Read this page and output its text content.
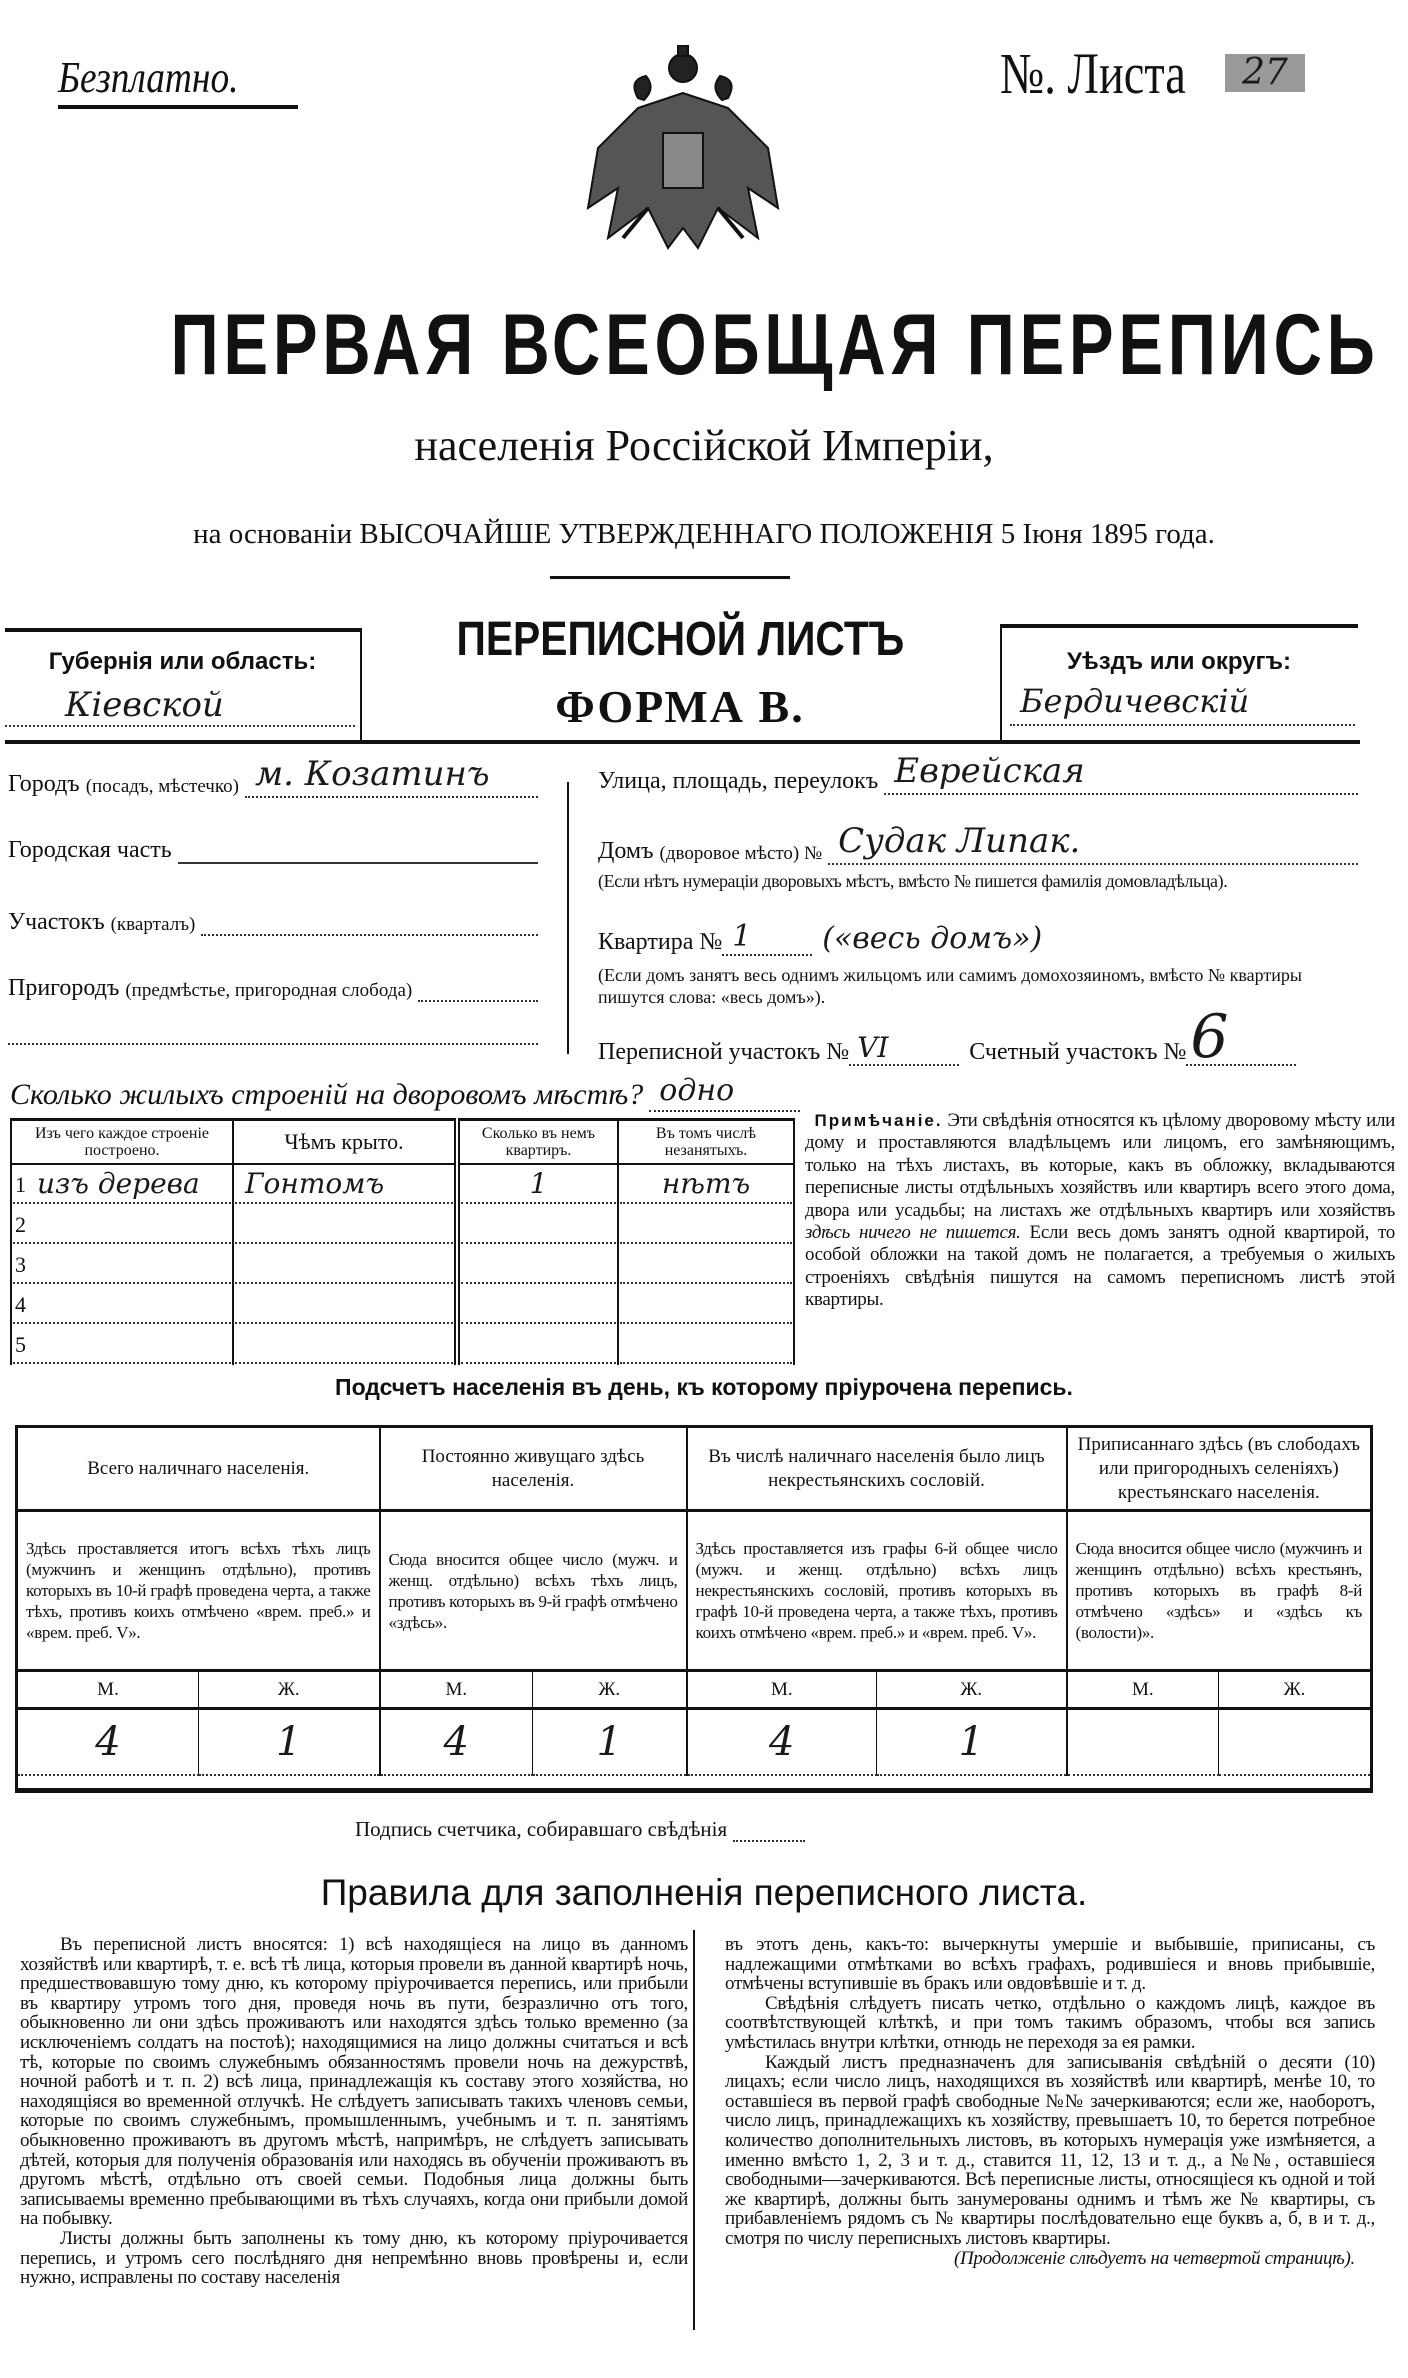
Безплатно.	№. Листа	27
ПЕРВАЯ ВСЕОБЩАЯ ПЕРЕПИСЬ
населенія Россійской Имперіи,
на основаніи ВЫСОЧАЙШЕ УТВЕРЖДЕННАГО ПОЛОЖЕНІЯ 5 Іюня 1895 года.
Губернія или область:
Кіевской
ПЕРЕПИСНОЙ ЛИСТЪ
ФОРМА В.
Уѣздъ или округъ:
Бердичевскій
Городъ
(посадъ, мѣстечко) м. Козатинъ
Городская часть
Участокъ
(кварталъ)
Пригородъ
(предмѣстье, пригородная слобода)
Улица, площадь, переулокъ Еврейская
Домъ
(дворовое мѣсто) № Судак Липак.
(Если нѣтъ нумераціи дворовыхъ мѣстъ, вмѣсто № пишется фамилія домовладѣльца).
Квартира № 1	(«весь домъ»)
(Если домъ занятъ весь однимъ жильцомъ или самимъ домохозяиномъ, вмѣсто № квартиры пишутся слова: «весь домъ»).
Переписной участокъ № VI	Счетный участокъ № 6
Сколько жилыхъ строеній на дворовомъ мѣстѣ? одно
Изъ чего каждое строеніе построено.	Чѣмъ крыто.	Сколько въ немъ квартиръ.	Въ томъ числѣ незанятыхъ.

1 изъ дерева	Гонтомъ	1	нѣтъ

2			

3			

4			

5			

Примѣчаніе. Эти свѣдѣнія относятся къ цѣлому дворовому мѣсту или дому и проставляются владѣльцемъ или лицомъ, его замѣняющимъ, только на тѣхъ листахъ, въ которые, какъ въ обложку, вкладываются переписные листы отдѣльныхъ хозяйствъ или квартиръ всего этого дома, двора или усадьбы; на листахъ же отдѣльныхъ квартиръ или хозяйствъ здѣсь ничего не пишется. Если весь домъ занятъ одной квартирой, то особой обложки на такой домъ не полагается, а требуемыя о жилыхъ строеніяхъ свѣдѣнія пишутся на самомъ переписномъ листѣ этой квартиры.
Подсчетъ населенія въ день, къ которому пріурочена перепись.
Всего наличнаго населенія.		Постоянно живущаго здѣсь населенія.		Въ числѣ наличнаго населенія было лицъ некрестьянскихъ сословій.		Приписаннаго здѣсь (въ слободахъ или пригородныхъ селеніяхъ) крестьянскаго населенія.	
Здѣсь проставляется итогъ всѣхъ тѣхъ лицъ (мужчинъ и женщинъ отдѣльно), противъ которыхъ въ 10-й графѣ проведена черта, а также тѣхъ, противъ коихъ отмѣчено «врем. преб.» и «врем. преб. V».		Сюда вносится общее число (мужч. и женщ. отдѣльно) всѣхъ тѣхъ лицъ, противъ которыхъ въ 9-й графѣ отмѣчено «здѣсь».		Здѣсь проставляется изъ графы 6-й общее число (мужч. и женщ. отдѣльно) всѣхъ лицъ некрестьянскихъ сословій, противъ которыхъ въ графѣ 10-й проведена черта, а также тѣхъ, противъ коихъ отмѣчено «врем. преб.» и «врем. преб. V».		Сюда вносится общее число (мужчинъ и женщинъ отдѣльно) всѣхъ крестьянъ, противъ которыхъ въ графѣ 8-й отмѣчено «здѣсь» и «здѣсь къ (волости)».	
М.	Ж.	М.	Ж.	М.	Ж.	М.	Ж.
4	1	4	1	4	1		

Подпись счетчика, собиравшаго свѣдѣнія
Правила для заполненія переписного листа.
Въ переписной листъ вносятся: 1) всѣ находящіеся на лицо въ данномъ хозяйствѣ или квартирѣ, т. е. всѣ тѣ лица, которыя провели въ данной квартирѣ ночь, предшествовавшую тому дню, къ которому пріурочивается перепись, или прибыли въ квартиру утромъ того дня, проведя ночь въ пути, безразлично отъ того, обыкновенно ли они здѣсь проживаютъ или находятся здѣсь только временно (за исключеніемъ солдатъ на постоѣ); находящимися на лицо должны считаться и всѣ тѣ, которые по своимъ служебнымъ обязанностямъ провели ночь на дежурствѣ, ночной работѣ и т. п. 2) всѣ лица, принадлежащія къ составу этого хозяйства, но находящіяся во временной отлучкѣ. Не слѣдуетъ записывать такихъ членовъ семьи, которые по своимъ служебнымъ, промышленнымъ, учебнымъ и т. п. занятіямъ обыкновенно проживаютъ въ другомъ мѣстѣ, напримѣръ, не слѣдуетъ записывать дѣтей, которыя для полученія образованія или находясь въ обученіи проживаютъ въ другомъ мѣстѣ, отдѣльно отъ своей семьи. Подобныя лица должны быть записываемы временно пребывающими въ тѣхъ случаяхъ, когда они прибыли домой на побывку.
Листы должны быть заполнены къ тому дню, къ которому пріурочивается перепись, и утромъ сего послѣдняго дня непремѣнно вновь провѣрены и, если нужно, исправлены по составу населенія
въ этотъ день, какъ-то: вычеркнуты умершіе и выбывшіе, приписаны, съ надлежащими отмѣтками во всѣхъ графахъ, родившіеся и вновь прибывшіе, отмѣчены вступившіе въ бракъ или овдовѣвшіе и т. д.
Свѣдѣнія слѣдуетъ писать четко, отдѣльно о каждомъ лицѣ, каждое въ соотвѣтствующей клѣткѣ, и при томъ такимъ образомъ, чтобы вся запись умѣстилась внутри клѣтки, отнюдь не переходя за ея рамки.
Каждый листъ предназначенъ для записыванія свѣдѣній о десяти (10) лицахъ; если число лицъ, находящихся въ хозяйствѣ или квартирѣ, менѣе 10, то оставшіеся въ первой графѣ свободные №№ зачеркиваются; если же, наоборотъ, число лицъ, принадлежащихъ къ хозяйству, превышаетъ 10, то берется потребное количество дополнительныхъ листовъ, въ которыхъ нумерація уже измѣняется, а именно вмѣсто 1, 2, 3 и т. д., ставится 11, 12, 13 и т. д., а №№, оставшіеся свободными—зачеркиваются. Всѣ переписные листы, относящіеся къ одной и той же квартирѣ, должны быть занумерованы однимъ и тѣмъ же № квартиры, съ прибавленіемъ рядомъ съ № квартиры послѣдовательно еще буквъ а, б, в и т. д., смотря по числу переписныхъ листовъ квартиры.
(Продолженіе слѣдуетъ на четвертой страницѣ).
